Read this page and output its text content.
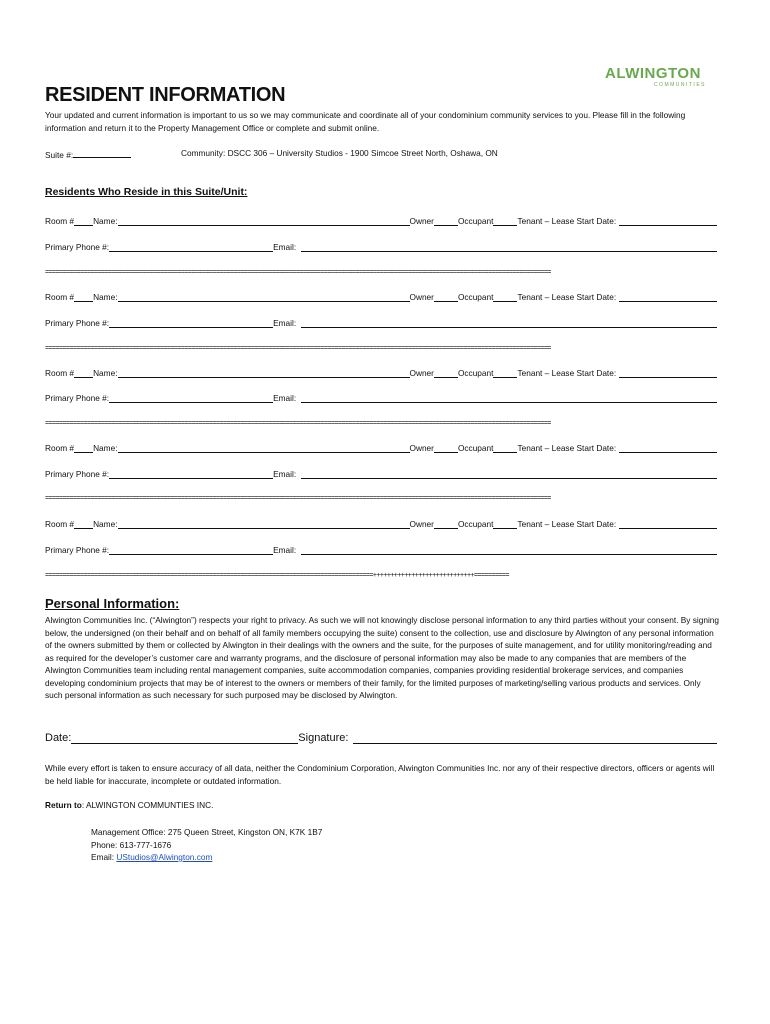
ALWINGTON
COMMUNITIES
RESIDENT INFORMATION
Your updated and current information is important to us so we may communicate and coordinate all of your condominium community services to you. Please fill in the following information and return it to the Property Management Office or complete and submit online.
Suite #:	Community: DSCC 306 – University Studios - 1900 Simcoe Street North, Oshawa, ON
Residents Who Reside in this Suite/Unit:
Room # Name:	Owner	Occupant	Tenant – Lease Start Date:
Primary Phone #:	Email:
=================================================================================================================================================
Room # Name:	Owner	Occupant	Tenant – Lease Start Date:
Primary Phone #:	Email:
=================================================================================================================================================
Room # Name:	Owner	Occupant	Tenant – Lease Start Date:
Primary Phone #:	Email:
=================================================================================================================================================
Room # Name:	Owner	Occupant	Tenant – Lease Start Date:
Primary Phone #:	Email:
=================================================================================================================================================
Room # Name:	Owner	Occupant	Tenant – Lease Start Date:
Primary Phone #:	Email:
==============================================================================================+++++++++++++++++++++++++++++==========
Personal Information:
Alwington Communities Inc. (“Alwington”) respects your right to privacy. As such we will not knowingly disclose personal information to any third parties without your consent. By signing below, the undersigned (on their behalf and on behalf of all family members occupying the suite) consent to the collection, use and disclosure by Alwington of any personal information of the owners submitted by them or collected by Alwington in their dealings with the owners and the suite, for the purposes of suite management, and for utility monitoring/reading and as required for the developer’s customer care and warranty programs, and the disclosure of personal information may also be made to any companies that are members of the Alwington Communities team including rental management companies, suite accommodation companies, companies providing residential brokerage services, and companies developing condominium projects that may be of interest to the owners or members of their family, for the limited purposes of marketing/selling various products and services. Only such personal information as such necessary for such purposed may be disclosed by Alwington.
Date:	Signature:
While every effort is taken to ensure accuracy of all data, neither the Condominium Corporation, Alwington Communities Inc. nor any of their respective directors, officers or agents will be held liable for inaccurate, incomplete or outdated information.
Return to: ALWINGTON COMMUNTIES INC.
Management Office: 275 Queen Street, Kingston ON, K7K 1B7
Phone: 613-777-1676
Email: UStudios@Alwington.com
